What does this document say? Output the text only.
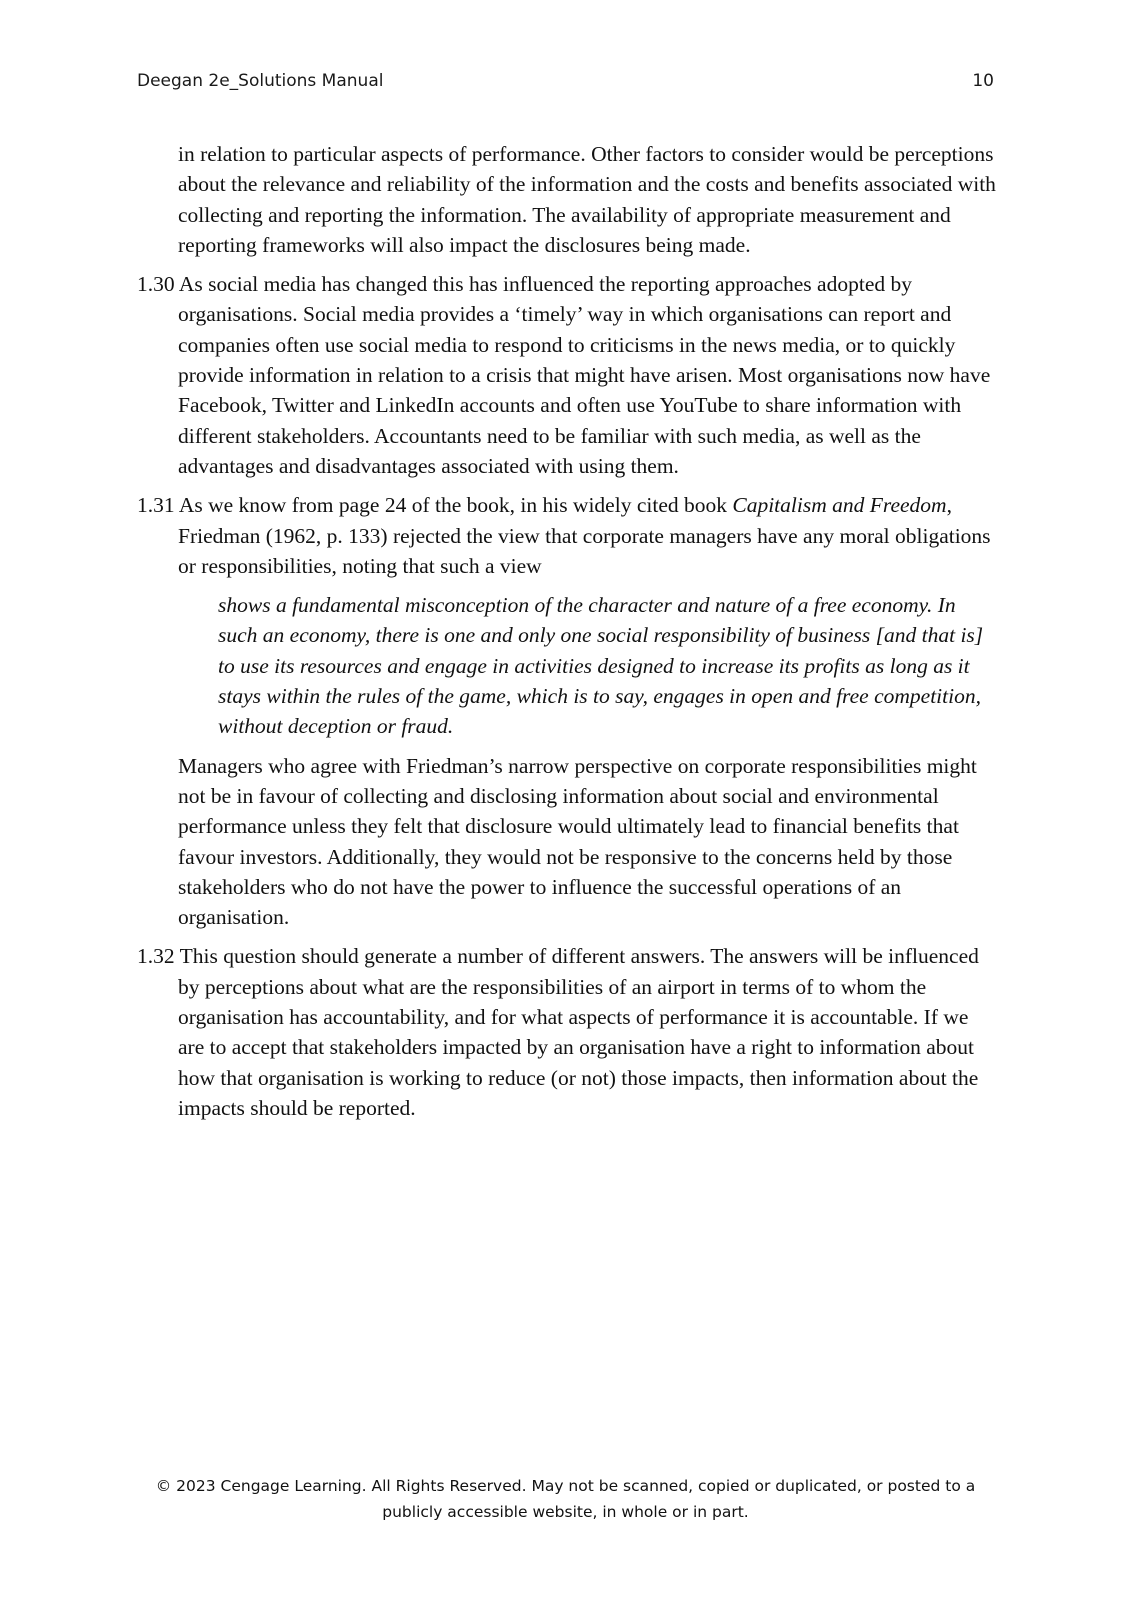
Deegan 2e_Solutions Manual	10

in relation to particular aspects of performance. Other factors to consider would be perceptions about the relevance and reliability of the information and the costs and benefits associated with collecting and reporting the information. The availability of appropriate measurement and reporting frameworks will also impact the disclosures being made.

1.30 As social media has changed this has influenced the reporting approaches adopted by organisations. Social media provides a ‘timely’ way in which organisations can report and companies often use social media to respond to criticisms in the news media, or to quickly provide information in relation to a crisis that might have arisen. Most organisations now have Facebook, Twitter and LinkedIn accounts and often use YouTube to share information with different stakeholders. Accountants need to be familiar with such media, as well as the advantages and disadvantages associated with using them.

1.31 As we know from page 24 of the book, in his widely cited book Capitalism and Freedom, Friedman (1962, p. 133) rejected the view that corporate managers have any moral obligations or responsibilities, noting that such a view

shows a fundamental misconception of the character and nature of a free economy. In such an economy, there is one and only one social responsibility of business [and that is] to use its resources and engage in activities designed to increase its profits as long as it stays within the rules of the game, which is to say, engages in open and free competition, without deception or fraud.

Managers who agree with Friedman’s narrow perspective on corporate responsibilities might not be in favour of collecting and disclosing information about social and environmental performance unless they felt that disclosure would ultimately lead to financial benefits that favour investors. Additionally, they would not be responsive to the concerns held by those stakeholders who do not have the power to influence the successful operations of an organisation.

1.32 This question should generate a number of different answers. The answers will be influenced by perceptions about what are the responsibilities of an airport in terms of to whom the organisation has accountability, and for what aspects of performance it is accountable. If we are to accept that stakeholders impacted by an organisation have a right to information about how that organisation is working to reduce (or not) those impacts, then information about the impacts should be reported.

© 2023 Cengage Learning. All Rights Reserved. May not be scanned, copied or duplicated, or posted to a
publicly accessible website, in whole or in part.
